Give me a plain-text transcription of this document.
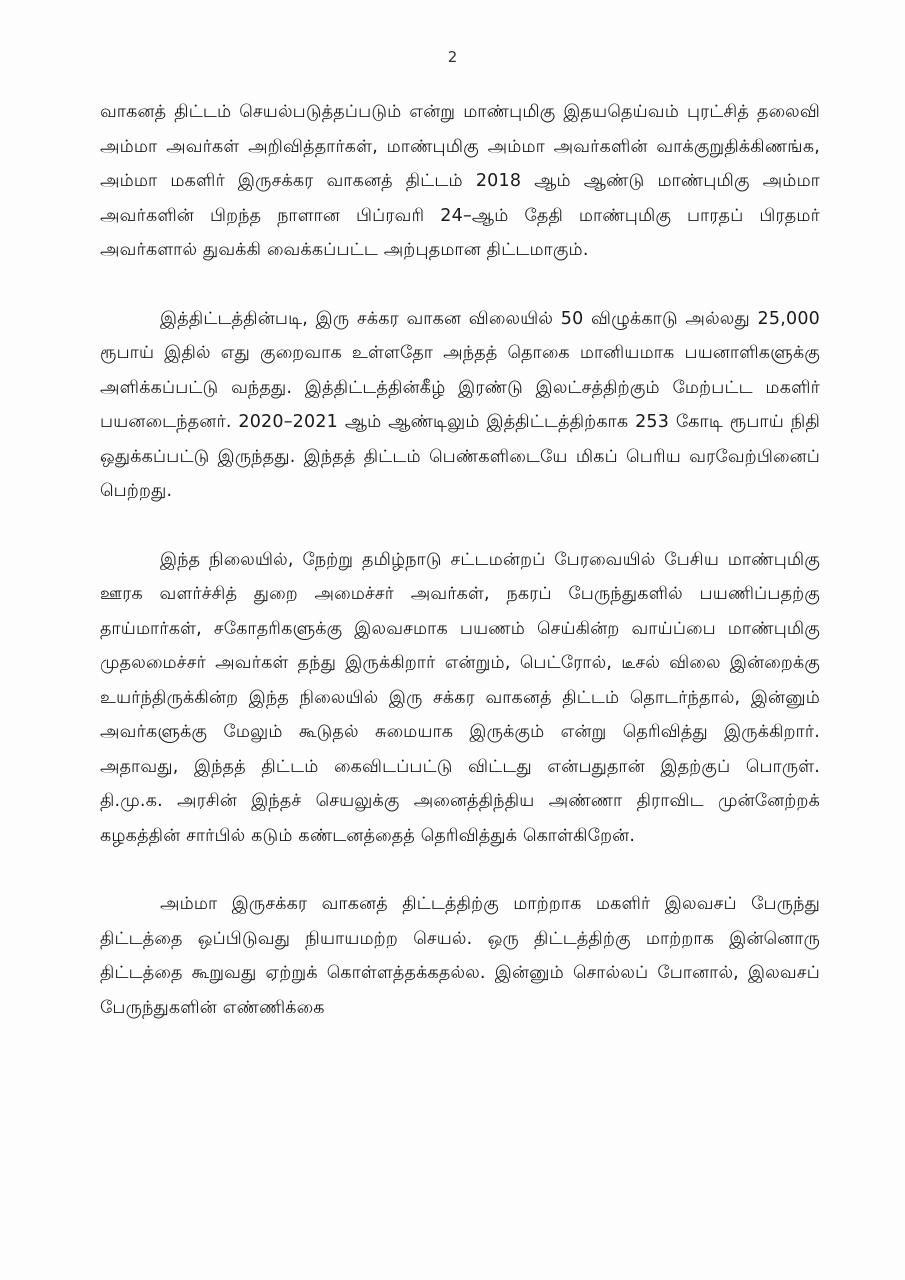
2

வாகனத் திட்டம் செயல்படுத்தப்படும் என்று மாண்புமிகு இதயதெய்வம் புரட்சித் தலைவி அம்மா அவர்கள் அறிவித்தார்கள், மாண்புமிகு அம்மா அவர்களின் வாக்குறுதிக்கிணங்க, அம்மா மகளிர் இருசக்கர வாகனத் திட்டம் 2018 ஆம் ஆண்டு மாண்புமிகு அம்மா அவர்களின் பிறந்த நாளான பிப்ரவரி 24–ஆம் தேதி மாண்புமிகு பாரதப் பிரதமர் அவர்களால் துவக்கி வைக்கப்பட்ட அற்புதமான திட்டமாகும்.

இத்திட்டத்தின்படி, இரு சக்கர வாகன விலையில் 50 விழுக்காடு அல்லது 25,000 ரூபாய் இதில் எது குறைவாக உள்ளதோ அந்தத் தொகை மானியமாக பயனாளிகளுக்கு அளிக்கப்பட்டு வந்தது. இத்திட்டத்தின்கீழ் இரண்டு இலட்சத்திற்கும் மேற்பட்ட மகளிர் பயனடைந்தனர். 2020–2021 ஆம் ஆண்டிலும் இத்திட்டத்திற்காக 253 கோடி ரூபாய் நிதி ஒதுக்கப்பட்டு இருந்தது. இந்தத் திட்டம் பெண்களிடையே மிகப் பெரிய வரவேற்பினைப் பெற்றது.

இந்த நிலையில், நேற்று தமிழ்நாடு சட்டமன்றப் பேரவையில் பேசிய மாண்புமிகு ஊரக வளர்ச்சித் துறை அமைச்சர் அவர்கள், நகரப் பேருந்துகளில் பயணிப்பதற்கு தாய்மார்கள், சகோதரிகளுக்கு இலவசமாக பயணம் செய்கின்ற வாய்ப்பை மாண்புமிகு முதலமைச்சர் அவர்கள் தந்து இருக்கிறார் என்றும், பெட்ரோல், டீசல் விலை இன்றைக்கு உயர்ந்திருக்கின்ற இந்த நிலையில் இரு சக்கர வாகனத் திட்டம் தொடர்ந்தால், இன்னும் அவர்களுக்கு மேலும் கூடுதல் சுமையாக இருக்கும் என்று தெரிவித்து இருக்கிறார். அதாவது, இந்தத் திட்டம் கைவிடப்பட்டு விட்டது என்பதுதான் இதற்குப் பொருள். தி.மு.க. அரசின் இந்தச் செயலுக்கு அனைத்திந்திய அண்ணா திராவிட முன்னேற்றக் கழகத்தின் சார்பில் கடும் கண்டனத்தைத் தெரிவித்துக் கொள்கிறேன்.

அம்மா இருசக்கர வாகனத் திட்டத்திற்கு மாற்றாக மகளிர் இலவசப் பேருந்து திட்டத்தை ஒப்பிடுவது நியாயமற்ற செயல். ஒரு திட்டத்திற்கு மாற்றாக இன்னொரு திட்டத்தை கூறுவது ஏற்றுக் கொள்ளத்தக்கதல்ல. இன்னும் சொல்லப் போனால், இலவசப் பேருந்துகளின் எண்ணிக்கை
